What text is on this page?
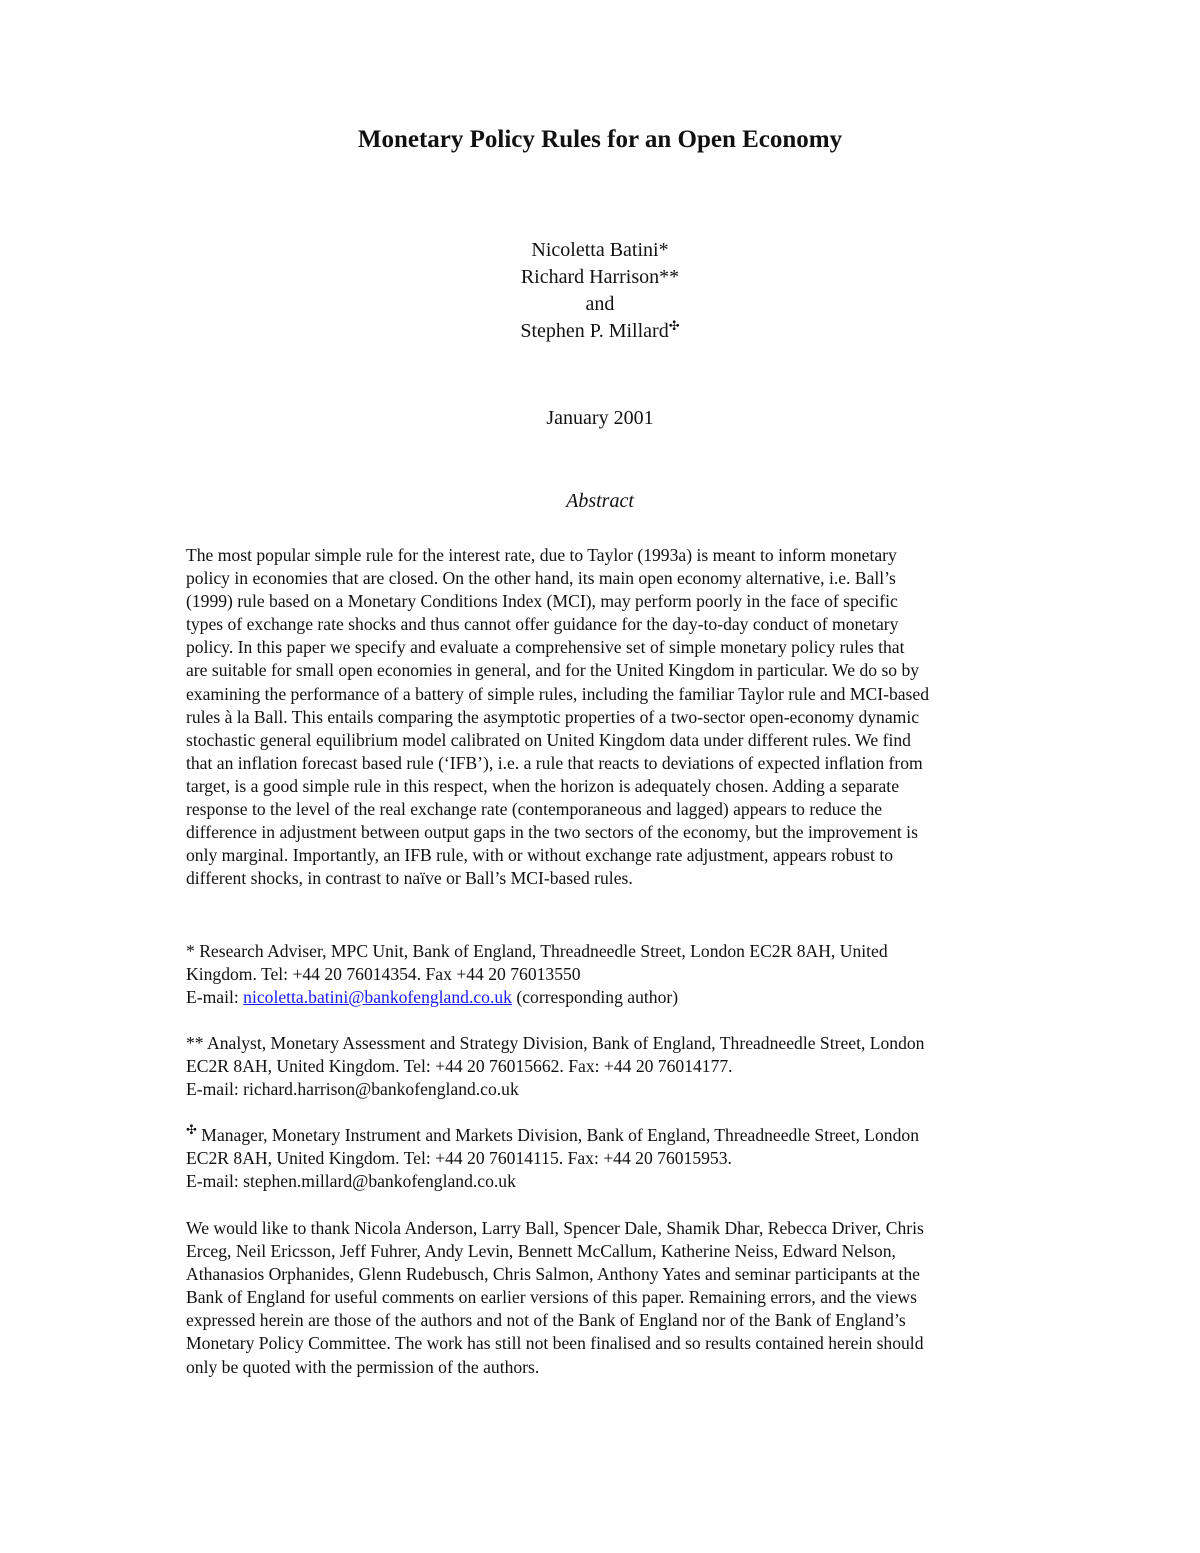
Monetary Policy Rules for an Open Economy
Nicoletta Batini*
Richard Harrison**
and
Stephen P. Millard✣
January 2001
Abstract
The most popular simple rule for the interest rate, due to Taylor (1993a) is meant to inform monetary
policy in economies that are closed. On the other hand, its main open economy alternative, i.e. Ball’s
(1999) rule based on a Monetary Conditions Index (MCI), may perform poorly in the face of specific
types of exchange rate shocks and thus cannot offer guidance for the day-to-day conduct of monetary
policy. In this paper we specify and evaluate a comprehensive set of simple monetary policy rules that
are suitable for small open economies in general, and for the United Kingdom in particular. We do so by
examining the performance of a battery of simple rules, including the familiar Taylor rule and MCI-based
rules à la Ball. This entails comparing the asymptotic properties of a two-sector open-economy dynamic
stochastic general equilibrium model calibrated on United Kingdom data under different rules. We find
that an inflation forecast based rule (‘IFB’), i.e. a rule that reacts to deviations of expected inflation from
target, is a good simple rule in this respect, when the horizon is adequately chosen. Adding a separate
response to the level of the real exchange rate (contemporaneous and lagged) appears to reduce the
difference in adjustment between output gaps in the two sectors of the economy, but the improvement is
only marginal. Importantly, an IFB rule, with or without exchange rate adjustment, appears robust to
different shocks, in contrast to naïve or Ball’s MCI-based rules.
* Research Adviser, MPC Unit, Bank of England, Threadneedle Street, London EC2R 8AH, United
Kingdom. Tel: +44 20 76014354. Fax +44 20 76013550
E-mail: nicoletta.batini@bankofengland.co.uk (corresponding author)
** Analyst, Monetary Assessment and Strategy Division, Bank of England, Threadneedle Street, London
EC2R 8AH, United Kingdom. Tel: +44 20 76015662. Fax: +44 20 76014177.
E-mail: richard.harrison@bankofengland.co.uk
✣ Manager, Monetary Instrument and Markets Division, Bank of England, Threadneedle Street, London
EC2R 8AH, United Kingdom. Tel: +44 20 76014115. Fax: +44 20 76015953.
E-mail: stephen.millard@bankofengland.co.uk
We would like to thank Nicola Anderson, Larry Ball, Spencer Dale, Shamik Dhar, Rebecca Driver, Chris
Erceg, Neil Ericsson, Jeff Fuhrer, Andy Levin, Bennett McCallum, Katherine Neiss, Edward Nelson,
Athanasios Orphanides, Glenn Rudebusch, Chris Salmon, Anthony Yates and seminar participants at the
Bank of England for useful comments on earlier versions of this paper. Remaining errors, and the views
expressed herein are those of the authors and not of the Bank of England nor of the Bank of England’s
Monetary Policy Committee. The work has still not been finalised and so results contained herein should
only be quoted with the permission of the authors.
